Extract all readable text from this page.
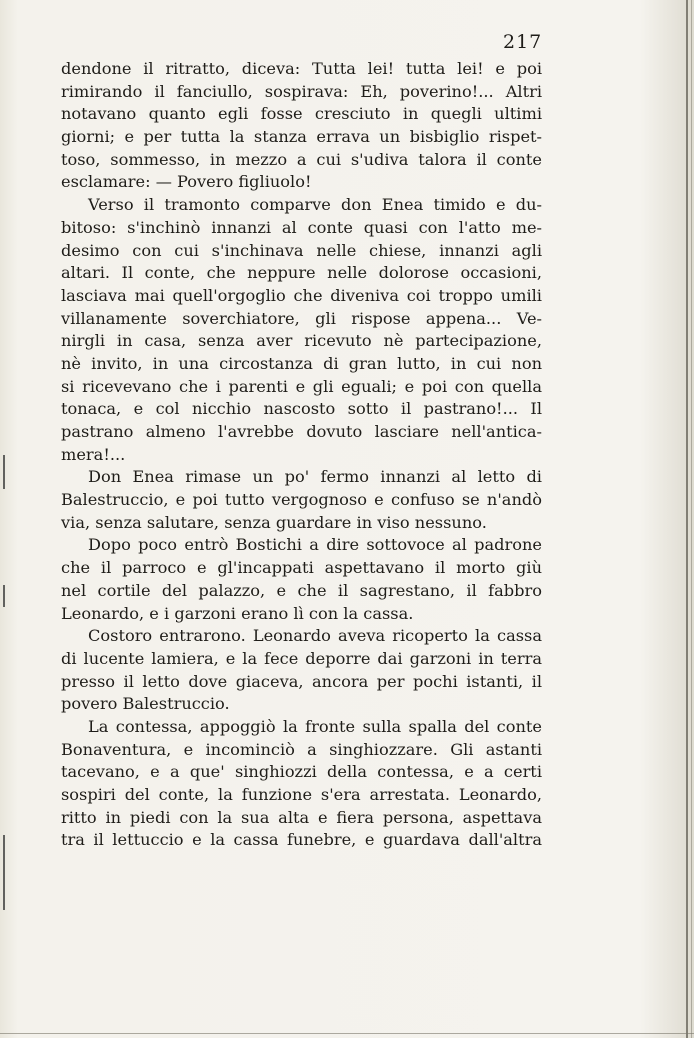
217
dendone il ritratto, diceva: Tutta lei! tutta lei! e poi
rimirando il fanciullo, sospirava: Eh, poverino!... Altri
notavano quanto egli fosse cresciuto in quegli ultimi
giorni; e per tutta la stanza errava un bisbiglio rispet-
toso, sommesso, in mezzo a cui s'udiva talora il conte
esclamare: — Povero figliuolo!
Verso il tramonto comparve don Enea timido e du-
bitoso: s'inchinò innanzi al conte quasi con l'atto me-
desimo con cui s'inchinava nelle chiese, innanzi agli
altari. Il conte, che neppure nelle dolorose occasioni,
lasciava mai quell'orgoglio che diveniva coi troppo umili
villanamente soverchiatore, gli rispose appena... Ve-
nirgli in casa, senza aver ricevuto nè partecipazione,
nè invito, in una circostanza di gran lutto, in cui non
si ricevevano che i parenti e gli eguali; e poi con quella
tonaca, e col nicchio nascosto sotto il pastrano!... Il
pastrano almeno l'avrebbe dovuto lasciare nell'antica-
mera!...
Don Enea rimase un po' fermo innanzi al letto di
Balestruccio, e poi tutto vergognoso e confuso se n'andò
via, senza salutare, senza guardare in viso nessuno.
Dopo poco entrò Bostichi a dire sottovoce al padrone
che il parroco e gl'incappati aspettavano il morto giù
nel cortile del palazzo, e che il sagrestano, il fabbro
Leonardo, e i garzoni erano lì con la cassa.
Costoro entrarono. Leonardo aveva ricoperto la cassa
di lucente lamiera, e la fece deporre dai garzoni in terra
presso il letto dove giaceva, ancora per pochi istanti, il
povero Balestruccio.
La contessa, appoggiò la fronte sulla spalla del conte
Bonaventura, e incominciò a singhiozzare. Gli astanti
tacevano, e a que' singhiozzi della contessa, e a certi
sospiri del conte, la funzione s'era arrestata. Leonardo,
ritto in piedi con la sua alta e fiera persona, aspettava
tra il lettuccio e la cassa funebre, e guardava dall'altra
